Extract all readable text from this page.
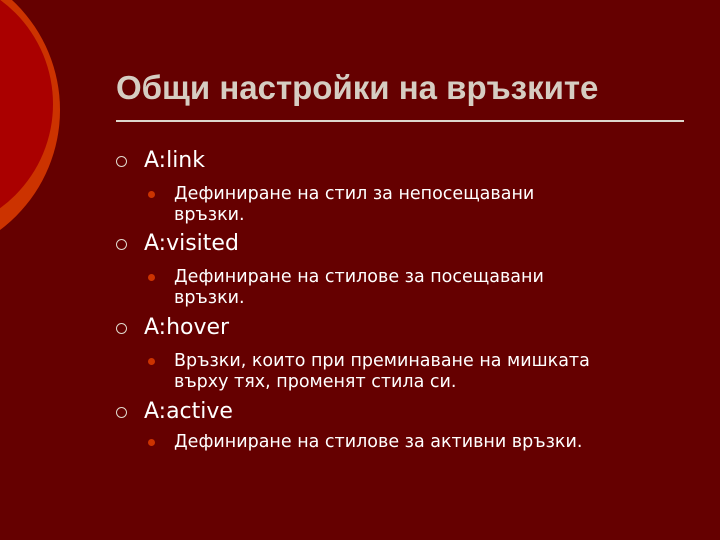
Общи настройки на връзките
A:link
Дефиниране на стил за непосещавани
връзки.
A:visited
Дефиниране на стилове за посещавани
връзки.
A:hover
Връзки, които при преминаване на мишката
върху тях, променят стила си.
A:active
Дефиниране на стилове за активни връзки.
